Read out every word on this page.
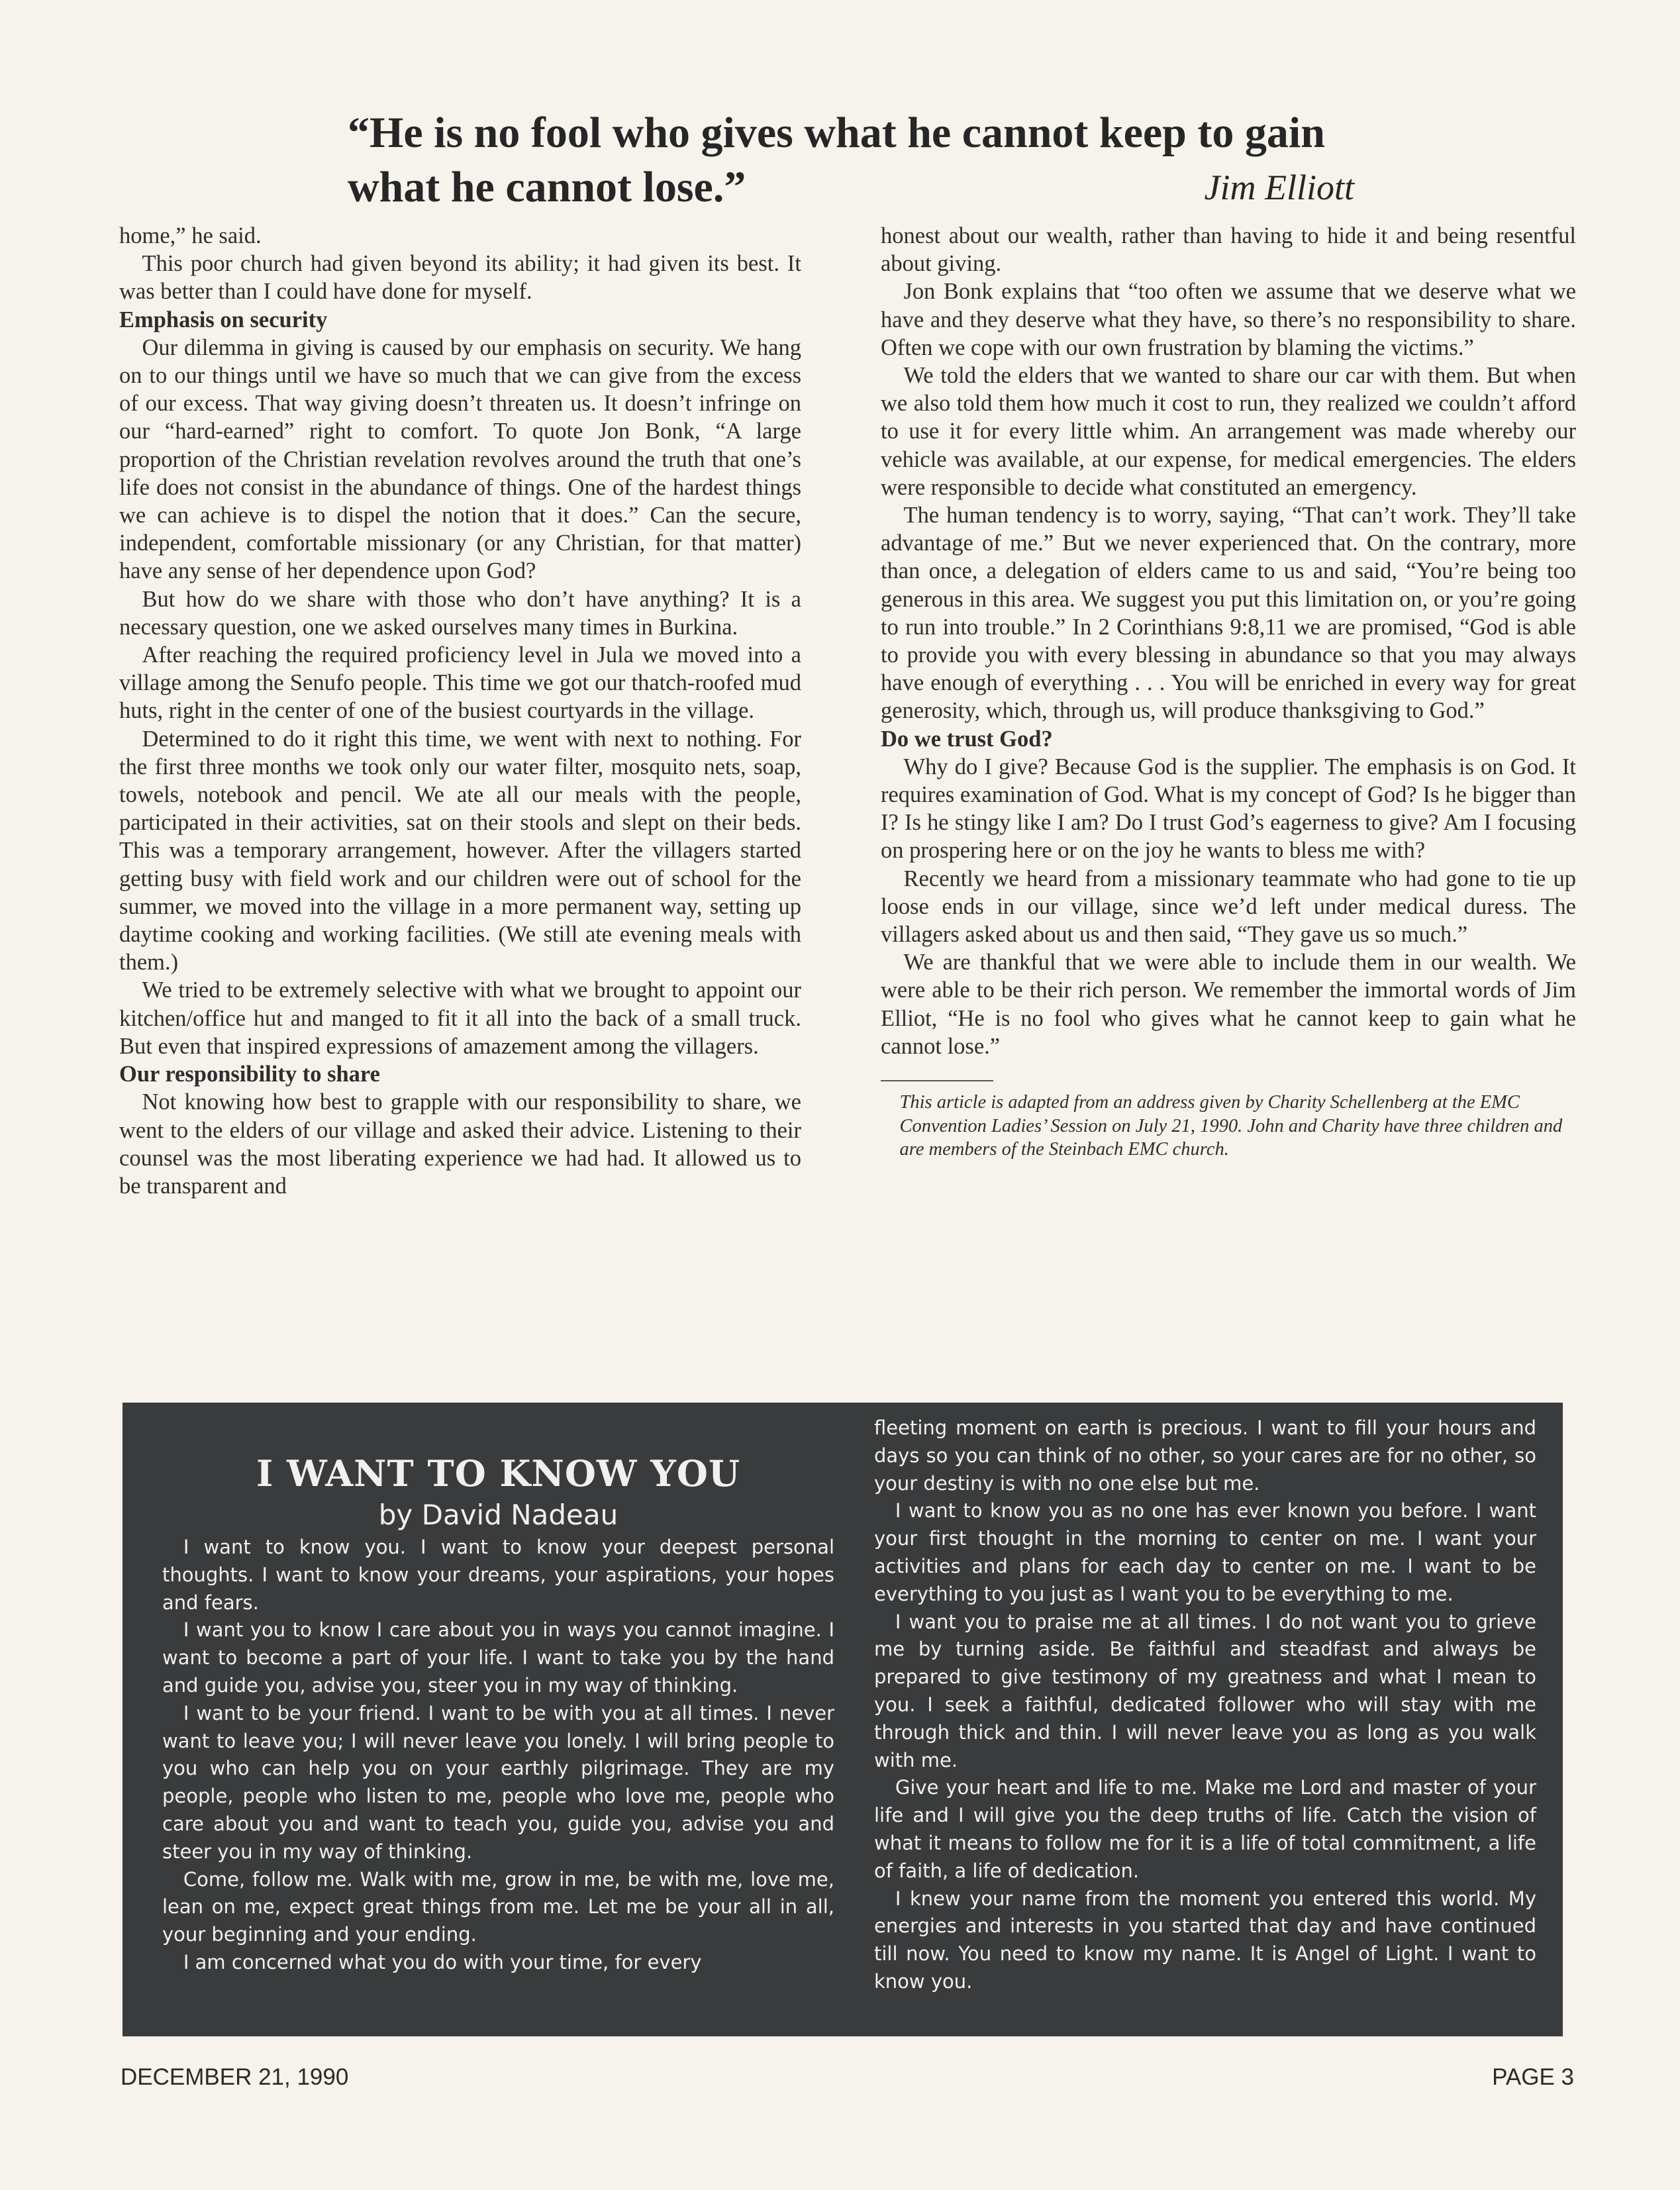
“He is no fool who gives what he cannot keep to gain
what he cannot lose.”	Jim Elliott

home,” he said.

This poor church had given beyond its ability; it had given its best. It was better than I could have done for myself.

Emphasis on security

Our dilemma in giving is caused by our emphasis on security. We hang on to our things until we have so much that we can give from the excess of our excess. That way giving doesn’t threaten us. It doesn’t infringe on our “hard-earned” right to comfort. To quote Jon Bonk, “A large proportion of the Christian revelation revolves around the truth that one’s life does not consist in the abundance of things. One of the hardest things we can achieve is to dispel the notion that it does.” Can the secure, independent, comfortable missionary (or any Christian, for that matter) have any sense of her dependence upon God?

But how do we share with those who don’t have anything? It is a necessary question, one we asked ourselves many times in Burkina.

After reaching the required proficiency level in Jula we moved into a village among the Senufo people. This time we got our thatch-roofed mud huts, right in the center of one of the busiest courtyards in the village.

Determined to do it right this time, we went with next to nothing. For the first three months we took only our water filter, mosquito nets, soap, towels, notebook and pencil. We ate all our meals with the people, participated in their activities, sat on their stools and slept on their beds. This was a temporary arrangement, however. After the villagers started getting busy with field work and our children were out of school for the summer, we moved into the village in a more permanent way, setting up daytime cooking and working facilities. (We still ate evening meals with them.)

We tried to be extremely selective with what we brought to appoint our kitchen/office hut and manged to fit it all into the back of a small truck. But even that inspired expressions of amazement among the villagers.

Our responsibility to share

Not knowing how best to grapple with our responsibility to share, we went to the elders of our village and asked their advice. Listening to their counsel was the most liberating experience we had had. It allowed us to be transparent and

honest about our wealth, rather than having to hide it and being resentful about giving.

Jon Bonk explains that “too often we assume that we deserve what we have and they deserve what they have, so there’s no responsibility to share. Often we cope with our own frustration by blaming the victims.”

We told the elders that we wanted to share our car with them. But when we also told them how much it cost to run, they realized we couldn’t afford to use it for every little whim. An arrangement was made whereby our vehicle was available, at our expense, for medical emergencies. The elders were responsible to decide what constituted an emergency.

The human tendency is to worry, saying, “That can’t work. They’ll take advantage of me.” But we never experienced that. On the contrary, more than once, a delegation of elders came to us and said, “You’re being too generous in this area. We suggest you put this limitation on, or you’re going to run into trouble.” In 2 Corinthians 9:8,11 we are promised, “God is able to provide you with every blessing in abundance so that you may always have enough of everything . . . You will be enriched in every way for great generosity, which, through us, will produce thanksgiving to God.”

Do we trust God?

Why do I give? Because God is the supplier. The emphasis is on God. It requires examination of God. What is my concept of God? Is he bigger than I? Is he stingy like I am? Do I trust God’s eagerness to give? Am I focusing on prospering here or on the joy he wants to bless me with?

Recently we heard from a missionary teammate who had gone to tie up loose ends in our village, since we’d left under medical duress. The villagers asked about us and then said, “They gave us so much.”

We are thankful that we were able to include them in our wealth. We were able to be their rich person. We remember the immortal words of Jim Elliot, “He is no fool who gives what he cannot keep to gain what he cannot lose.”

This article is adapted from an address given by Charity Schellenberg at the EMC Convention Ladies’ Session on July 21, 1990. John and Charity have three children and are members of the Steinbach EMC church.
I WANT TO KNOW YOU
by David Nadeau

I want to know you. I want to know your deepest personal thoughts. I want to know your dreams, your aspirations, your hopes and fears.

I want you to know I care about you in ways you cannot imagine. I want to become a part of your life. I want to take you by the hand and guide you, advise you, steer you in my way of thinking.

I want to be your friend. I want to be with you at all times. I never want to leave you; I will never leave you lonely. I will bring people to you who can help you on your earthly pilgrimage. They are my people, people who listen to me, people who love me, people who care about you and want to teach you, guide you, advise you and steer you in my way of thinking.

Come, follow me. Walk with me, grow in me, be with me, love me, lean on me, expect great things from me. Let me be your all in all, your beginning and your ending.

I am concerned what you do with your time, for every

fleeting moment on earth is precious. I want to fill your hours and days so you can think of no other, so your cares are for no other, so your destiny is with no one else but me.

I want to know you as no one has ever known you before. I want your first thought in the morning to center on me. I want your activities and plans for each day to center on me. I want to be everything to you just as I want you to be everything to me.

I want you to praise me at all times. I do not want you to grieve me by turning aside. Be faithful and steadfast and always be prepared to give testimony of my greatness and what I mean to you. I seek a faithful, dedicated follower who will stay with me through thick and thin. I will never leave you as long as you walk with me.

Give your heart and life to me. Make me Lord and master of your life and I will give you the deep truths of life. Catch the vision of what it means to follow me for it is a life of total commitment, a life of faith, a life of dedication.

I knew your name from the moment you entered this world. My energies and interests in you started that day and have continued till now. You need to know my name. It is Angel of Light. I want to know you.

DECEMBER 21, 1990	PAGE 3
